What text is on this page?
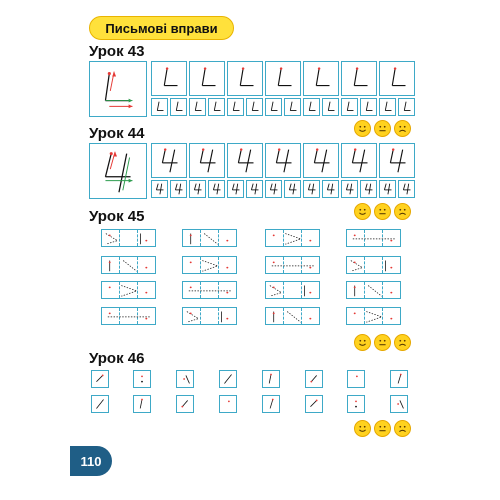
Письмові вправи
Урок 43
Урок 44
Урок 45
Урок 46
110
